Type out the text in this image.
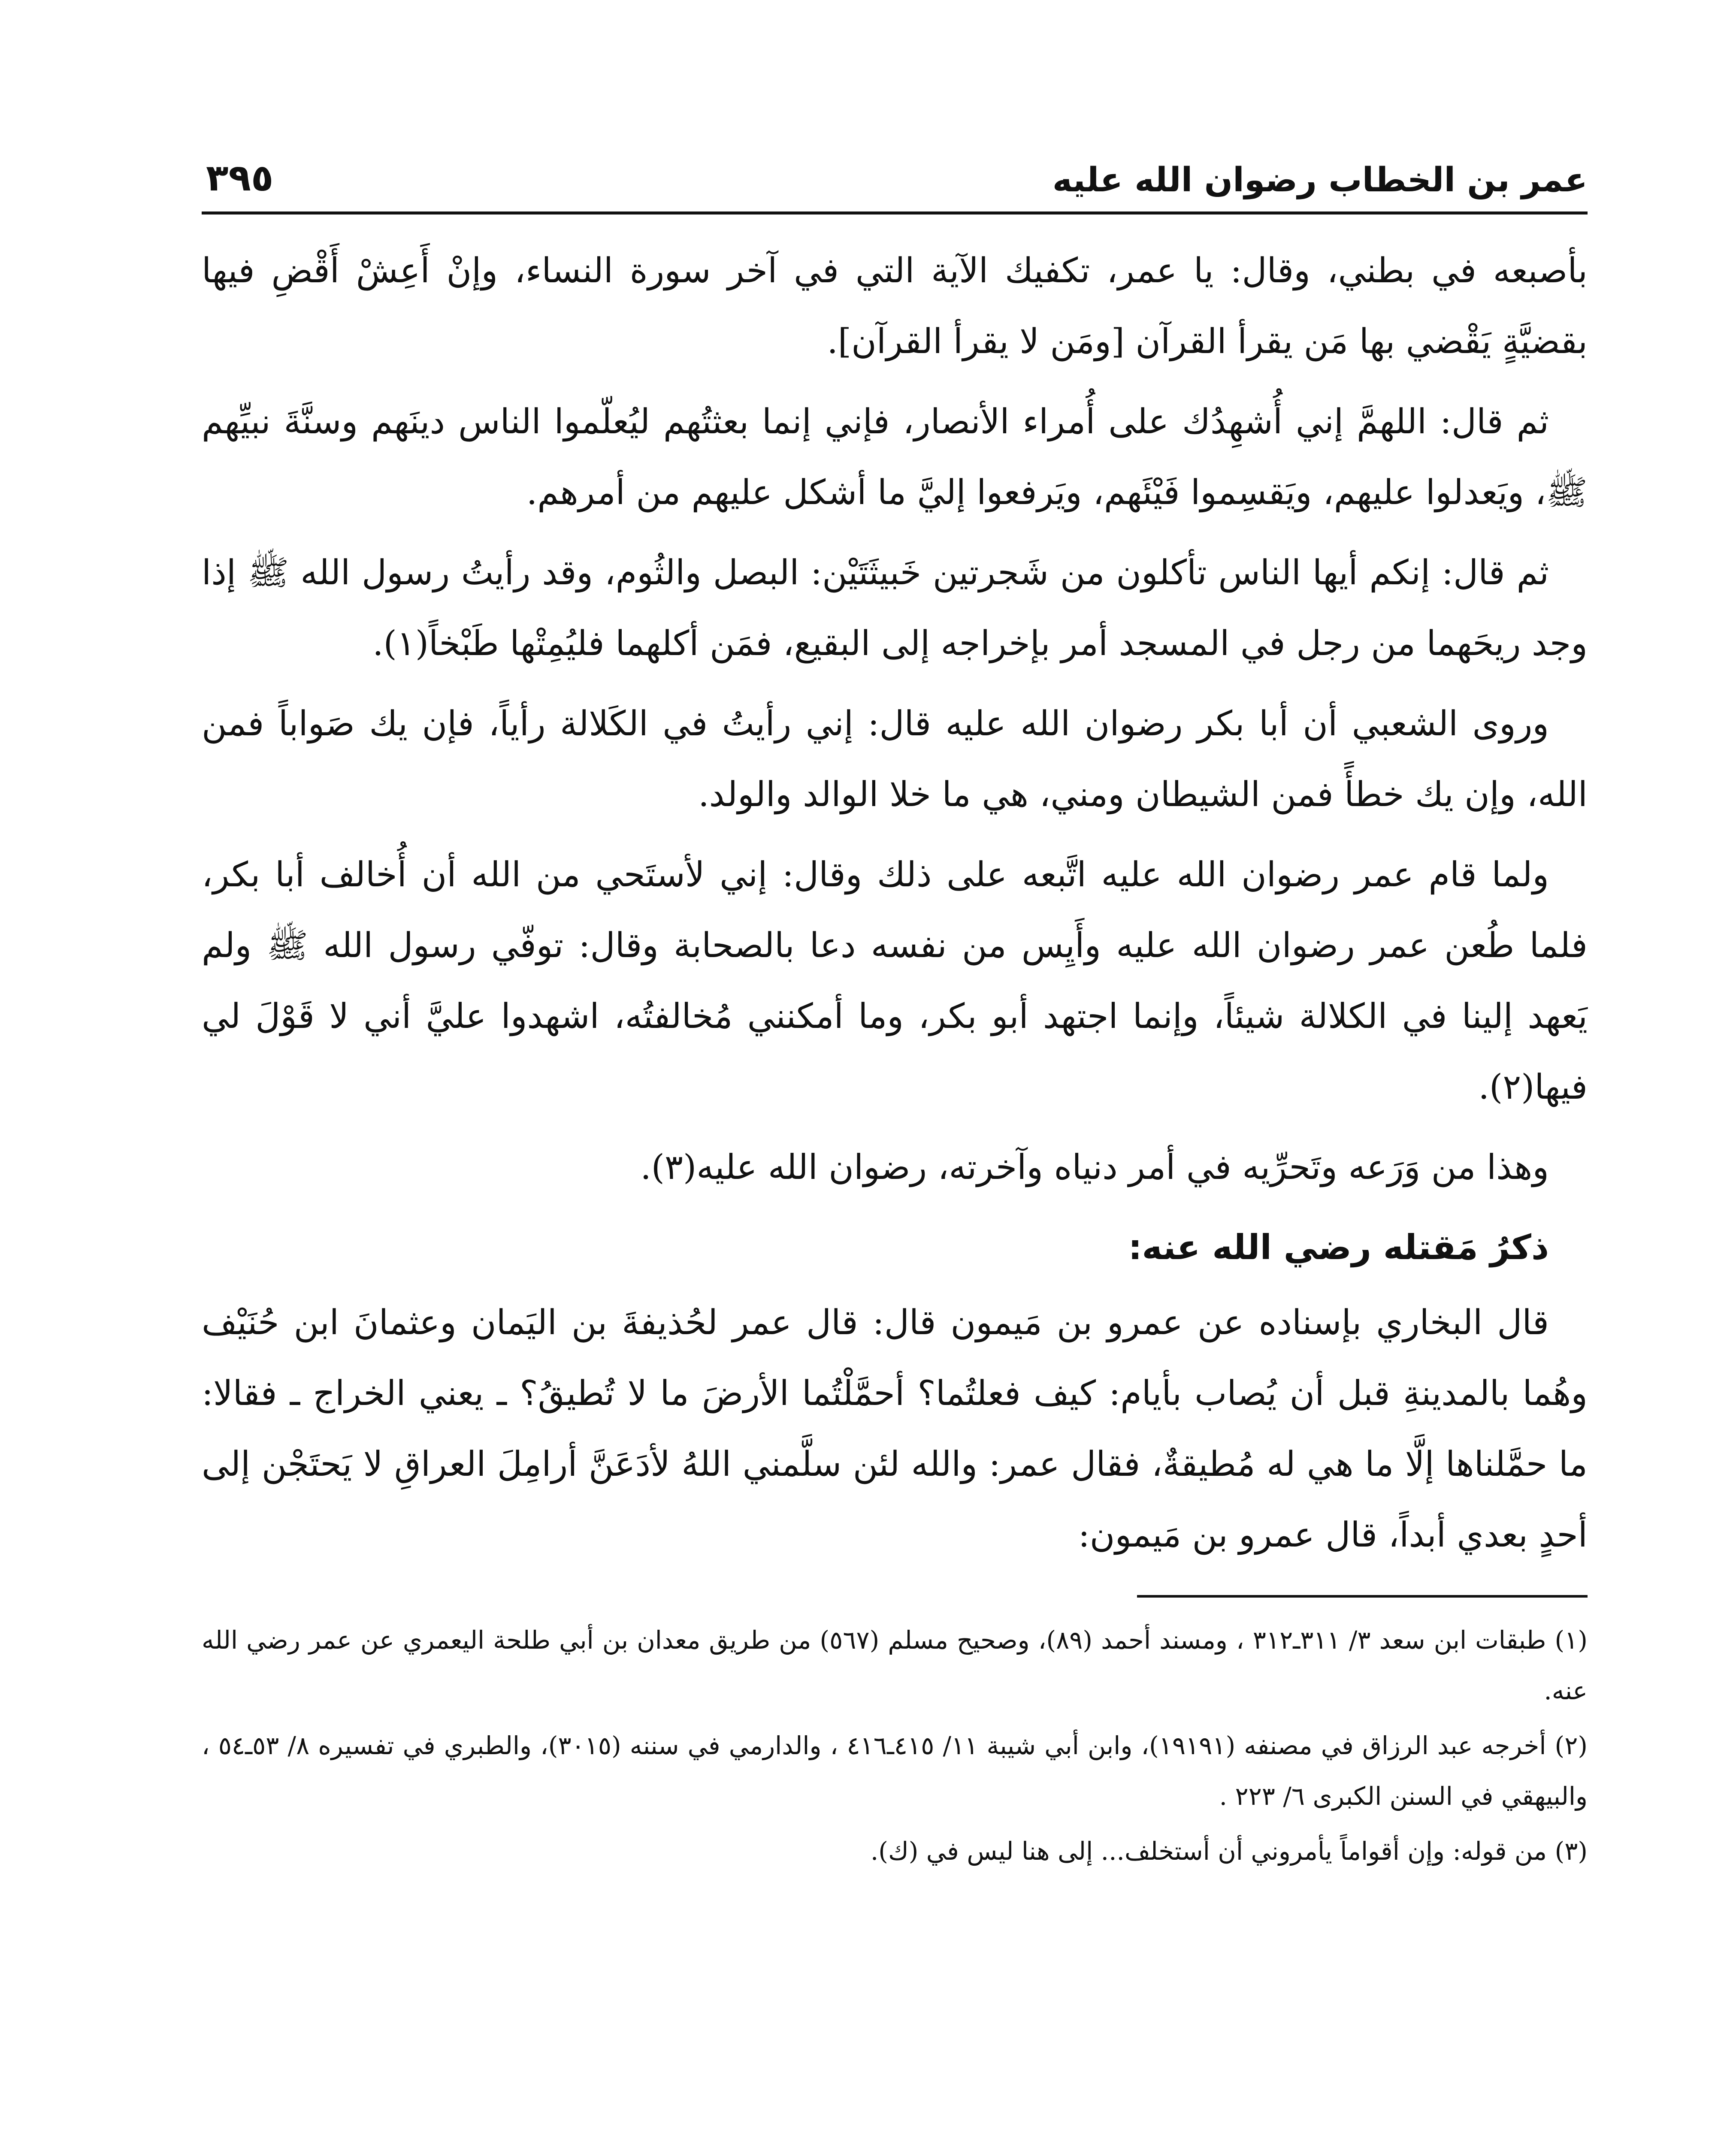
عمر بن الخطاب رضوان الله عليه
٣٩٥

بأصبعه في بطني، وقال: يا عمر، تكفيك الآية التي في آخر سورة النساء، وإنْ أَعِشْ أَقْضِ فيها بقضيَّةٍ يَقْضي بها مَن يقرأ القرآن [ومَن لا يقرأ القرآن].

ثم قال: اللهمَّ إني أُشهِدُك على أُمراء الأنصار، فإني إنما بعثتُهم ليُعلّموا الناس دينَهم وسنَّةَ نبيِّهم ﷺ، ويَعدلوا عليهم، ويَقسِموا فَيْئَهم، ويَرفعوا إليَّ ما أشكل عليهم من أمرهم.

ثم قال: إنكم أيها الناس تأكلون من شَجرتين خَبيثَتَيْن: البصل والثُوم، وقد رأيتُ رسول الله ﷺ إذا وجد ريحَهما من رجل في المسجد أمر بإخراجه إلى البقيع، فمَن أكلهما فليُمِتْها طَبْخاً(١).

وروى الشعبي أن أبا بكر رضوان الله عليه قال: إني رأيتُ في الكَلالة رأياً، فإن يك صَواباً فمن الله، وإن يك خطأً فمن الشيطان ومني، هي ما خلا الوالد والولد.

ولما قام عمر رضوان الله عليه اتَّبعه على ذلك وقال: إني لأستَحي من الله أن أُخالف أبا بكر، فلما طُعن عمر رضوان الله عليه وأَيِس من نفسه دعا بالصحابة وقال: توفّي رسول الله ﷺ ولم يَعهد إلينا في الكلالة شيئاً، وإنما اجتهد أبو بكر، وما أمكنني مُخالفتُه، اشهدوا عليَّ أني لا قَوْلَ لي فيها(٢).

وهذا من وَرَعه وتَحرِّيه في أمر دنياه وآخرته، رضوان الله عليه(٣).

ذكرُ مَقتله رضي الله عنه:

قال البخاري بإسناده عن عمرو بن مَيمون قال: قال عمر لحُذيفةَ بن اليَمان وعثمانَ ابن حُنَيْف وهُما بالمدينةِ قبل أن يُصاب بأيام: كيف فعلتُما؟ أحمَّلْتُما الأرضَ ما لا تُطيقُ؟ ـ يعني الخراج ـ فقالا: ما حمَّلناها إلَّا ما هي له مُطيقةٌ، فقال عمر: والله لئن سلَّمني اللهُ لأدَعَنَّ أرامِلَ العراقِ لا يَحتَجْن إلى أحدٍ بعدي أبداً، قال عمرو بن مَيمون:

(١) طبقات ابن سعد ٣/ ٣١١ـ٣١٢ ، ومسند أحمد (٨٩)، وصحيح مسلم (٥٦٧) من طريق معدان بن أبي طلحة اليعمري عن عمر رضي الله عنه.

(٢) أخرجه عبد الرزاق في مصنفه (١٩١٩١)، وابن أبي شيبة ١١/ ٤١٥ـ٤١٦ ، والدارمي في سننه (٣٠١٥)، والطبري في تفسيره ٨/ ٥٣ـ٥٤ ، والبيهقي في السنن الكبرى ٦/ ٢٢٣ .

(٣) من قوله: وإن أقواماً يأمروني أن أستخلف... إلى هنا ليس في (ك).
